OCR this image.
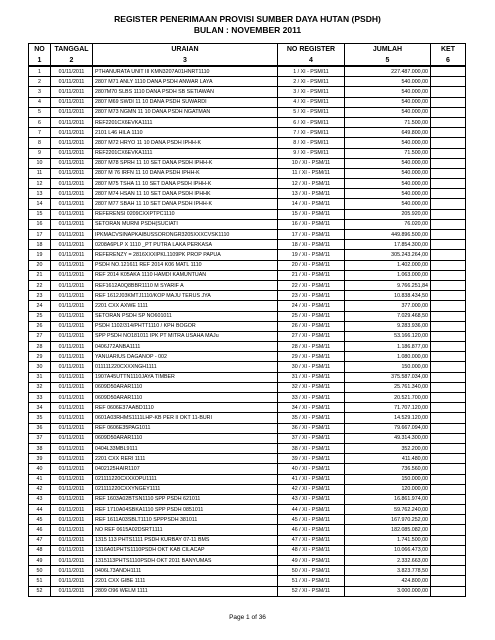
REGISTER PENERIMAAN PROVISI SUMBER DAYA HUTAN (PSDH)
BULAN : NOVEMBER 2011
NO	TANGGAL	URAIAN	NO REGISTER	JUMLAH	KET
1	2	3	4	5	6
1	01/11/2011	PTHANURATA UNIT III KMN3207A01HNRT1110	1 / XI - PSM/11	227.487.000,00	
2	01/11/2011	2807 M71 ANLY 1110 DANA PSDH ANWAR LAYA	2 / XI - PSM/11	540.000,00	
3	01/11/2011	2807M70 SLBS 1110 DANA PSDH SB SETIAWAN	3 / XI - PSM/11	540.000,00	
4	01/11/2011	2807 M69 SWDI 11 10 DANA PSDH SUWARDI	4 / XI - PSM/11	540.000,00	
5	01/11/2011	2807 M73 NGMN 11 10 DANA PSDH NGATMAN	5 / XI - PSM/11	540.000,00	
6	01/11/2011	REF2201CX6EVKA1111	6 / XI - PSM/11	71.500,00	
7	01/11/2011	2101 L46 HILA 1110	7 / XI - PSM/11	649.800,00	
8	01/11/2011	2807 M72 HRYO 11 10 DANA PSDH IPHH-K	8 / XI - PSM/11	540.000,00	
9	01/11/2011	REF2201CX6EVKA1111	9 / XI - PSM/11	71.500,00	
10	01/11/2011	2807 M78 SPRH 11 10 SET DANA PSDH IPHH-K	10 / XI - PSM/11	540.000,00	
11	01/11/2011	2807 M 76 IRFN 11 10 DANA PSDH IPHH-K	11 / XI - PSM/11	540.000,00	
12	01/11/2011	2807 M75 TSHA 11 10 SET DANA PSDH IPHH-K	12 / XI - PSM/11	540.000,00	
13	01/11/2011	2807 M74 HSAN 11 10 SET DANA PSDH IPHHK	13 / XI - PSM/11	540.000,00	
14	01/11/2011	2807 M77 SBAH 11 10 SET DANA PSDH IPHH-K	14 / XI - PSM/11	540.000,00	
15	01/11/2011	REFERENSI 0209CXXPTPC1110	15 / XI - PSM/11	205.920,00	
16	01/11/2011	SETORAN MURNI PSDH(SUCIATI	16 / XI - PSM/11	76.020,00	
17	01/11/2011	IPKMACVSINAPKAIBUSSORONGR3205XXXCVSK1110	17 / XI - PSM/11	449.896.500,00	
18	01/11/2011	0208A6PLP X 1110 _PT PUTRA LAKA PERKASA	18 / XI - PSM/11	17.854.300,00	
19	01/11/2011	REFERENZY = 2816XXXIPKL1109PK PROP PAPUA	19 / XI - PSM/11	305.243.264,00	
20	01/11/2011	PSDH NO.121611 REF 2014 K06 MATL 1110	20 / XI - PSM/11	1.402.000,00	
21	01/11/2011	REF 2014 K05AKA 1110 HAMDI KAMUNTUAN	21 / XI - PSM/11	1.063.000,00	
22	01/11/2011	REF1612A0Q8BBR1110 M SYARIF A	22 / XI - PSM/11	9.766.251,84	
23	01/11/2011	REF 1612J03KMTJ1110/KOP MAJU TERUS JYA	23 / XI - PSM/11	10.838.434,50	
24	01/11/2011	2201 CXX AXWE 1111	24 / XI - PSM/11	377.000,00	
25	01/11/2011	SETORAN PSDH SP NO601011	25 / XI - PSM/11	7.029.468,50	
26	01/11/2011	PSDH 1102/314/PHTT1110 / KPH BOGOR	26 / XI - PSM/11	9.283.936,00	
27	01/11/2011	SPP PSDH NO181011 IPK PT MITRA USAHA MAJu	27 / XI - PSM/11	53.166.120,00	
28	01/11/2011	0406J72ANBA1111	28 / XI - PSM/11	1.186.877,00	
29	01/11/2011	YANUARIUS DAGANOP - 002	29 / XI - PSM/11	1.080.000,00	
30	01/11/2011	011111220CXXXNGH1111	30 / XI - PSM/11	150.000,00	
31	01/11/2011	1907A45UTTN1110JAYA TIMBER	31 / XI - PSM/11	375.587.034,00	
32	01/11/2011	0609D50ARAR1110	32 / XI - PSM/11	25.761.340,00	
33	01/11/2011	0609D50ARAR1110	33 / XI - PSM/11	20.521.700,00	
34	01/11/2011	REF 0606E37AABD1110	34 / XI - PSM/11	71.707.120,00	
35	01/11/2011	0601A03RHMS1111LHP-KB PER II OKT 11-BURI	35 / XI - PSM/11	14.529.120,00	
36	01/11/2011	REF 0606E35PAG1011	36 / XI - PSM/11	79.667.094,00	
37	01/11/2011	0609D50ARAR1110	37 / XI - PSM/11	49.314.300,00	
38	01/11/2011	0404L33MBL9111	38 / XI - PSM/11	352.200,00	
39	01/11/2011	2201 CXX RERI 1111	39 / XI - PSM/11	411.480,00	
40	01/11/2011	0402125HAIR1107	40 / XI - PSM/11	736.560,00	
41	01/11/2011	021111220CXXXOPU1111	41 / XI - PSM/11	150.000,00	
42	01/11/2011	021111220CXXYNGEY1111	42 / XI - PSM/11	120.000,00	
43	01/11/2011	REF 1603A02BTSN1110 SPP PSDH 621011	43 / XI - PSM/11	16.861.974,00	
44	01/11/2011	REF 1710A04SBKA1110 SPP PSDH 0851011	44 / XI - PSM/11	59.762.240,00	
45	01/11/2011	REF 1611A03SBLT1110 SPPPSDH 381011	45 / XI - PSM/11	167.970.252,00	
46	01/11/2011	NO REF 0615A02DSRT1111	46 / XI - PSM/11	182.085.082,00	
47	01/11/2011	1315 113 PHTS1111 PSDH KURBAY 07-11 BMS	47 / XI - PSM/11	1.741.500,00	
48	01/11/2011	1316A01PHTS1110PSDH OKT KAB CILACAP	48 / XI - PSM/11	10.066.473,00	
49	01/11/2011	1315113PHTS1110PSDH OKT 2011 BANYUMAS	49 / XI - PSM/11	2.332.663,00	
50	01/11/2011	0406L73ANDH1111	50 / XI - PSM/11	3.823.778,50	
51	01/11/2011	2201 CXX GIBE 1111	51 / XI - PSM/11	424.800,00	
52	01/11/2011	2809 O96 WELM 1111	52 / XI - PSM/11	3.000.000,00	
Page 1 of 36
